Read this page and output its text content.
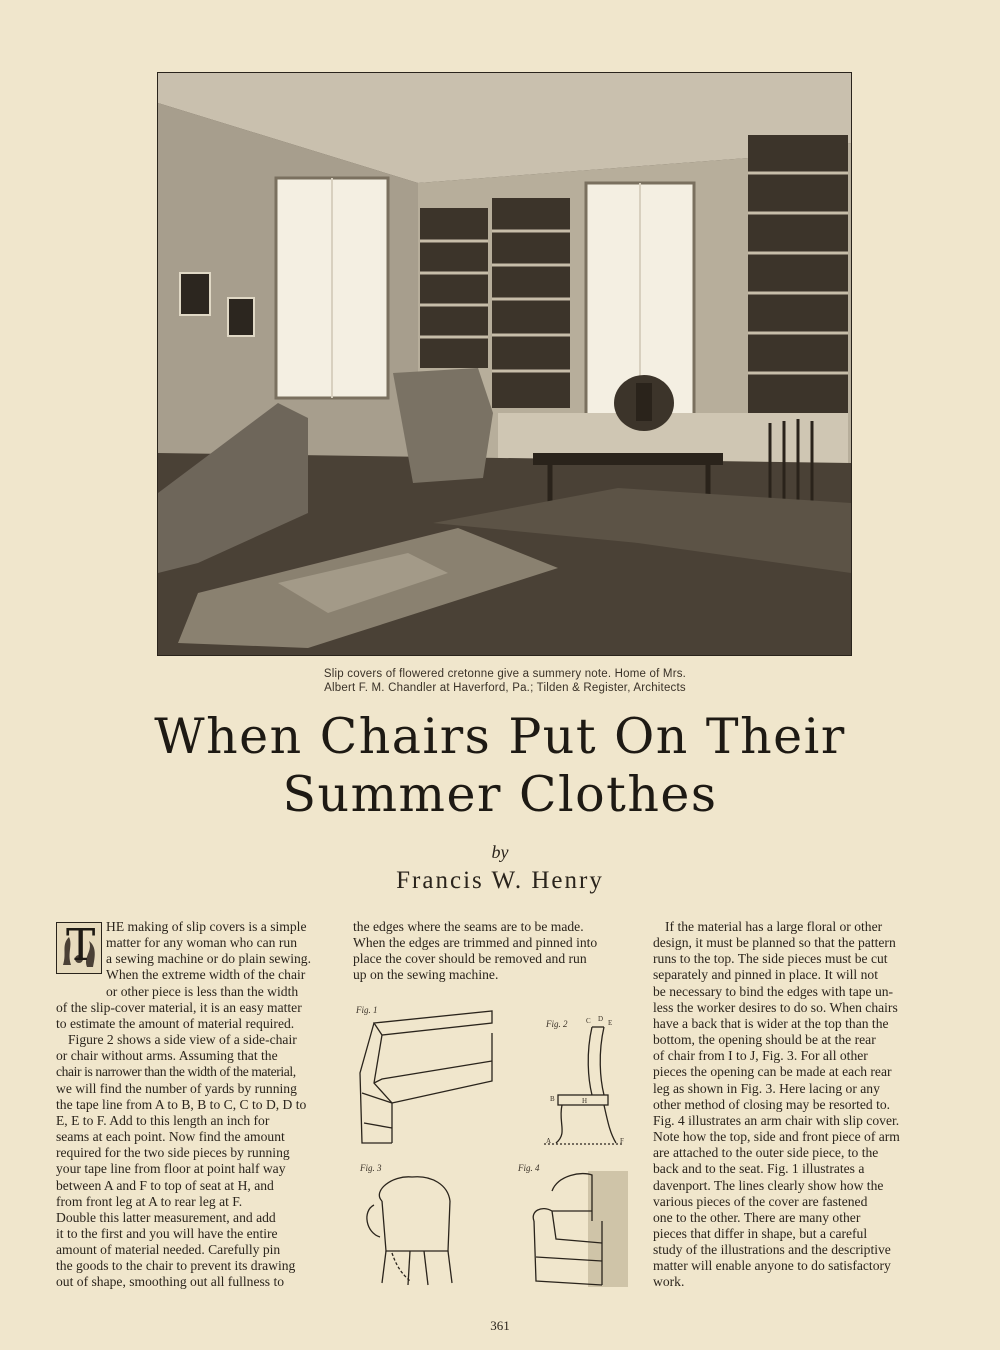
Slip covers of flowered cretonne give a summery note. Home of Mrs.
Albert F. M. Chandler at Haverford, Pa.; Tilden & Register, Architects
When Chairs Put On Their
Summer Clothes
by
Francis W. Henry
T HE making of slip covers is a simple
matter for any woman who can run
a sewing machine or do plain sewing.
When the extreme width of the chair
or other piece is less than the width
of the slip-cover material, it is an easy matter
to estimate the amount of material required.
Figure 2 shows a side view of a side-chair
or chair without arms. Assuming that the
chair is narrower than the width of the material,
we will find the number of yards by running
the tape line from A to B, B to C, C to D, D to
E, E to F. Add to this length an inch for
seams at each point. Now find the amount
required for the two side pieces by running
your tape line from floor at point half way
between A and F to top of seat at H, and
from front leg at A to rear leg at F.
Double this latter measurement, and add
it to the first and you will have the entire
amount of material needed. Carefully pin
the goods to the chair to prevent its drawing
out of shape, smoothing out all fullness to
the edges where the seams are to be made.
When the edges are trimmed and pinned into
place the cover should be removed and run
up on the sewing machine.
Fig. 1
Fig. 2
A
B
C D E
F
H
Fig. 3	Fig. 4
If the material has a large floral or other
design, it must be planned so that the pattern
runs to the top. The side pieces must be cut
separately and pinned in place. It will not
be necessary to bind the edges with tape un-
less the worker desires to do so. When chairs
have a back that is wider at the top than the
bottom, the opening should be at the rear
of chair from I to J, Fig. 3. For all other
pieces the opening can be made at each rear
leg as shown in Fig. 3. Here lacing or any
other method of closing may be resorted to.
Fig. 4 illustrates an arm chair with slip cover.
Note how the top, side and front piece of arm
are attached to the outer side piece, to the
back and to the seat. Fig. 1 illustrates a
davenport. The lines clearly show how the
various pieces of the cover are fastened
one to the other. There are many other
pieces that differ in shape, but a careful
study of the illustrations and the descriptive
matter will enable anyone to do satisfactory
work.
361
